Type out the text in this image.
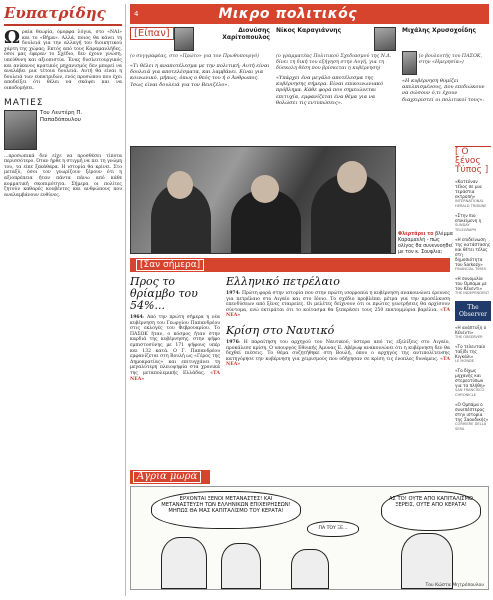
Ευπατρίδης
Ω ραία θεωρία, όμορφα λόγια, στο «ΝΑΙ» και το «Βήμα». Αλλά, ποιος θα κάνει τη δουλειά για την αλλαγή του διοικητικού χάρτη της χώρας; Εκτός από τους Καραμανλήδες, όσοι μας έφεραν το Σχέδιο, δεν έχουν γνώση, υπεύθυνη και αξιοπιστία. Ένας δυσλειτουργικός και ανίκανος κρατικός μηχανισμός δεν μπορεί να αναλάβει μια τέτοια δουλειά. Αυτή θα είναι η δουλειά των ευπατριδών, ενός προσώπου που έχει αποδείξει ότι θέλει να σκάψει και να οικοδομήσει.
ΜΑΤΙΕΣ
Του Λευτέρη Π. Παπαδόπουλου
...προσωπικά δεν είχε να προσθέσει τίποτα περισσότερο. Όταν ήρθε η στιγμή να πει τη γνώμη του, τα είπε ξεκάθαρα. Η ιστορία θα κρίνει. Στο μεταξύ, όσοι τον γνωρίζουν ξέρουν ότι η αξιοπρέπεια ήταν πάντα πάνω από κάθε κομματική σκοπιμότητα. Σήμερα οι πολίτες ζητούν καθαρές κουβέντες και ανθρώπους που αναλαμβάνουν ευθύνες.
4	Μικρο πολιτικός
[Είπαν]	Διονύσης Χαρίτοπουλος
(ο συγγραφέας, στο «Πρώτο» για τον Πρωθυπουργό)
«Τι θέλει η αναποτέλεσμα με την πολιτική; Αυτή είναι δουλειά για αποτελέσματα, και λαμβάνει. Είναι για κοινωνικό, μήπως, όπως ο θεός του ή ο Άνθρωπος. Ίσως είναι δουλειά για τον Βενιζέλο».
Νίκος Καραγιάννης
(ο γραμματέας Πολιτικού Σχεδιασμού της Ν.Δ. δίνει τη δική του εξήγηση στην Αυγή, για τη δύσκολη θέση που βρίσκεται η κυβέρνηση)
«Υπάρχει ένα μεγάλο αποτέλεσμα της κυβέρνησης σήμερα. Είναι επικοινωνιακό πρόβλημα. Κάθε φορά που σημειώνεται επιτυχία, εμφανίζεται ένα θέμα για να θολώσει τις εντυπώσεις».
Μιχάλης Χρυσοχοΐδης
(ο βουλευτής του ΠΑΣΟΚ, στην «Ημερησία»)
«Η κυβέρνηση θυμίζει απελπισμένους, που επιδιώκουν να σώσουν ό,τι έχουν διαχειριστεί οι πολιτικοί τους».
Φλερτάρει το βλέμμα Καραμανλή - πώς ολίγος θα συνεννοηθεί με τον κ. Σουφλια;
[ Ο ξένος Τύπος ]
«Κατεύναν τέλος σε μια τεράστια εκτροπή»
INTERNATIONAL HERALD TRIBUNE
«Στην πιο επικείμενη η
SUNDAY TELEGRAPH
«Η επιδείνωση της κατάστασης και θέτει τέλος στη δημοσιότητα του Sarkozy»
FINANCIAL TIMES
«Η συνομιλία του Ομπάμα με τον Κένεντι»
THE INDEPENDENT
The Observer
«Η ανάπτυξη ο Κένεντι»
THE OBSERVER
«Το τελευταίο ταξίδι της Κιγκάλι»
LE MONDE
«Το δίχως μηχανής και στερεοτύπων για τα πλήθη»
SAN FRANCISCO CHRONICLE
«Ο Ομπάμα ο συνεπέστερος στην ιστορία της Σαουδικής»
CORRIERE DELLA SERA
[Σαν σήμερα]
Προς το θρίαμβο του 54%...
1964: Από την πρώτη σήμερα η νέα κυβέρνηση του Γεωργίου Παπανδρέου στις εκλογές του Φεβρουαρίου. Το ΠΑΣΟΚ ήταν, ο κόσμος ήταν στην καρδιά της κυβέρνησης, στην ψήφο εμπιστοσύνης με 171 ψήφους υπέρ και 132 κατά. Ο Γ. Παπανδρέου εμφανίζεται στη Βουλή ως «Γέρος της Δημοκρατίας» και επιτυγχάνει τη μεγαλύτερη πλειοψηφία στα χρονικά της μεταπολεμικής Ελλάδας. «ΤΑ ΝΕΑ»
Ελληνικό πετρέλαιο
1974: Πρώτη φορά στην ιστορία που στην πρώτη ισορροπία η κυβέρνηση ανακοινώνει έρευνες για πετρέλαιο στο Αιγαίο και στο Ιόνιο. Το σχέδιο προβλέπει μέτρα για την προσέλκυση επενδύσεων από ξένες εταιρείες. Οι μελέτες δείχνουν ότι οι πρώτες γεωτρήσεις θα αρχίσουν σύντομα, ενώ εκτιμάται ότι το κοίτασμα θα ξεπεράσει τους 250 εκατομμύρια βαρέλια. «ΤΑ ΝΕΑ»
Κρίση στο Ναυτικό
1976: Η παραίτηση του αρχηγού του Ναυτικού, ύστερα από τις εξελίξεις στο Αιγαίο, προκάλεσε κρίση. Ο υπουργός Εθνικής Άμυνας Ε. Αβέρωφ ανακοινώνει ότι η κυβέρνηση δεν θα δεχθεί πιέσεις. Το θέμα συζητήθηκε στη Βουλή, όπου ο αρχηγός της αντιπολίτευσης κατηγόρησε την κυβέρνηση για χειρισμούς που οδήγησαν σε κρίση τις ένοπλες δυνάμεις. «ΤΑ ΝΕΑ»
Άγρια μωρά
ΕΡΧΟΝΤΑΙ ΞΕΝΟΙ ΜΕΤΑΝΑΣΤΕΣ! ΚΑΙ ΜΕΤΑΝΑΣΤΕΥΣΗ ΤΩΝ ΕΛΛΗΝΙΚΩΝ ΕΠΙΧΕΙΡΗΣΕΩΝ! ΜΗΠΩΣ ΘΑ ΜΑΣ ΚΑΠΙΤΑΛΙΣΜΟ ΤΟΥ ΚΕΡΑΤΑ!
ΑΣ ΤΟ! ΟΥΤΕ ΑΠΟ ΚΑΠΙΤΑΛΙΣΜΟ ΞΕΡΕΙΣ, ΟΥΤΕ ΑΠΟ ΚΕΡΑΤΑ!
ΠΑ ΤΟΥ ΞΕ...
Του Κώστα Μητρόπουλου
